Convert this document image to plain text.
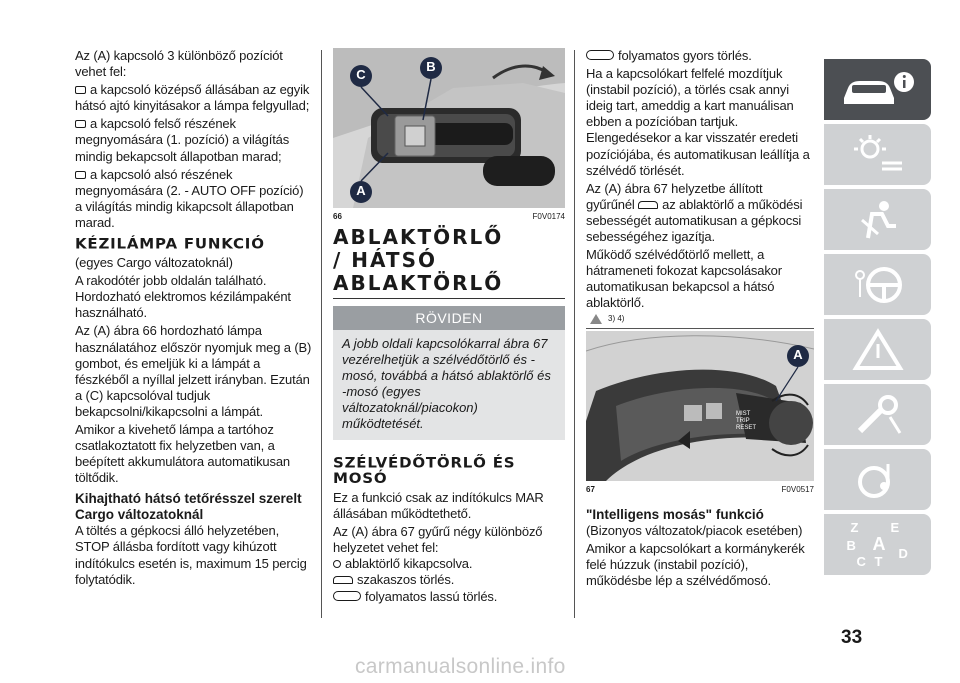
Az (A) kapcsoló 3 különböző pozíciót vehet fel:

a kapcsoló középső állásában az egyik hátsó ajtó kinyitásakor a lámpa felgyullad;

a kapcsoló felső részének megnyomására (1. pozíció) a világítás mindig bekapcsolt állapotban marad;

a kapcsoló alsó részének megnyomására (2. - AUTO OFF pozíció) a világítás mindig kikapcsolt állapotban marad.

KÉZILÁMPA FUNKCIÓ

(egyes Cargo változatoknál)

A rakodótér jobb oldalán található. Hordozható elektromos kézilámpaként használható.

Az (A) ábra 66 hordozható lámpa használatához először nyomjuk meg a (B) gombot, és emeljük ki a lámpát a fészkéből a nyíllal jelzett irányban. Ezután a (C) kapcsolóval tudjuk bekapcsolni/kikapcsolni a lámpát.

Amikor a kivehető lámpa a tartóhoz csatlakoztatott fix helyzetben van, a beépített akkumulátora automatikusan töltődik.

Kihajtható hátsó tetőrésszel szerelt Cargo változatoknál

A töltés a gépkocsi álló helyzetében, STOP állásba fordított vagy kihúzott indítókulcs esetén is, maximum 15 percig folytatódik.

C
B
A
66	F0V0174
ABLAKTÖRLŐ
/ HÁTSÓ
ABLAKTÖRLŐ
RÖVIDEN
A jobb oldali kapcsolókarral ábra 67 vezérelhetjük a szélvédőtörlő és -mosó, továbbá a hátsó ablaktörlő és -mosó (egyes változatoknál/piacokon) működtetését.
SZÉLVÉDŐTÖRLŐ ÉS
MOSÓ

Ez a funkció csak az indítókulcs MAR állásában működtethető.

Az (A) ábra 67 gyűrű négy különböző helyzetet vehet fel:

ablaktörlő kikapcsolva.

szakaszos törlés.

folyamatos lassú törlés.

folyamatos gyors törlés.

Ha a kapcsolókart felfelé mozdítjuk (instabil pozíció), a törlés csak annyi ideig tart, ameddig a kart manuálisan ebben a pozícióban tartjuk. Elengedésekor a kar visszatér eredeti pozíciójába, és automatikusan leállítja a szélvédő törlését.

Az (A) ábra 67 helyzetbe állított gyűrűnél az ablaktörlő a működési sebességét automatikusan a gépkocsi sebességéhez igazítja.

Működő szélvédőtörlő mellett, a hátrameneti fokozat kapcsolásakor automatikusan bekapcsol a hátsó ablaktörlő.

3) 4)
A
MIST
TRIP
RESET
67	F0V0517
"Intelligens mosás" funkció

(Bizonyos változatok/piacok esetében)

Amikor a kapcsolókart a kormánykerék felé húzzuk (instabil pozíció), működésbe lép a szélvédőmosó.

Z E
B A
C T
D
33
carmanualsonline.info
